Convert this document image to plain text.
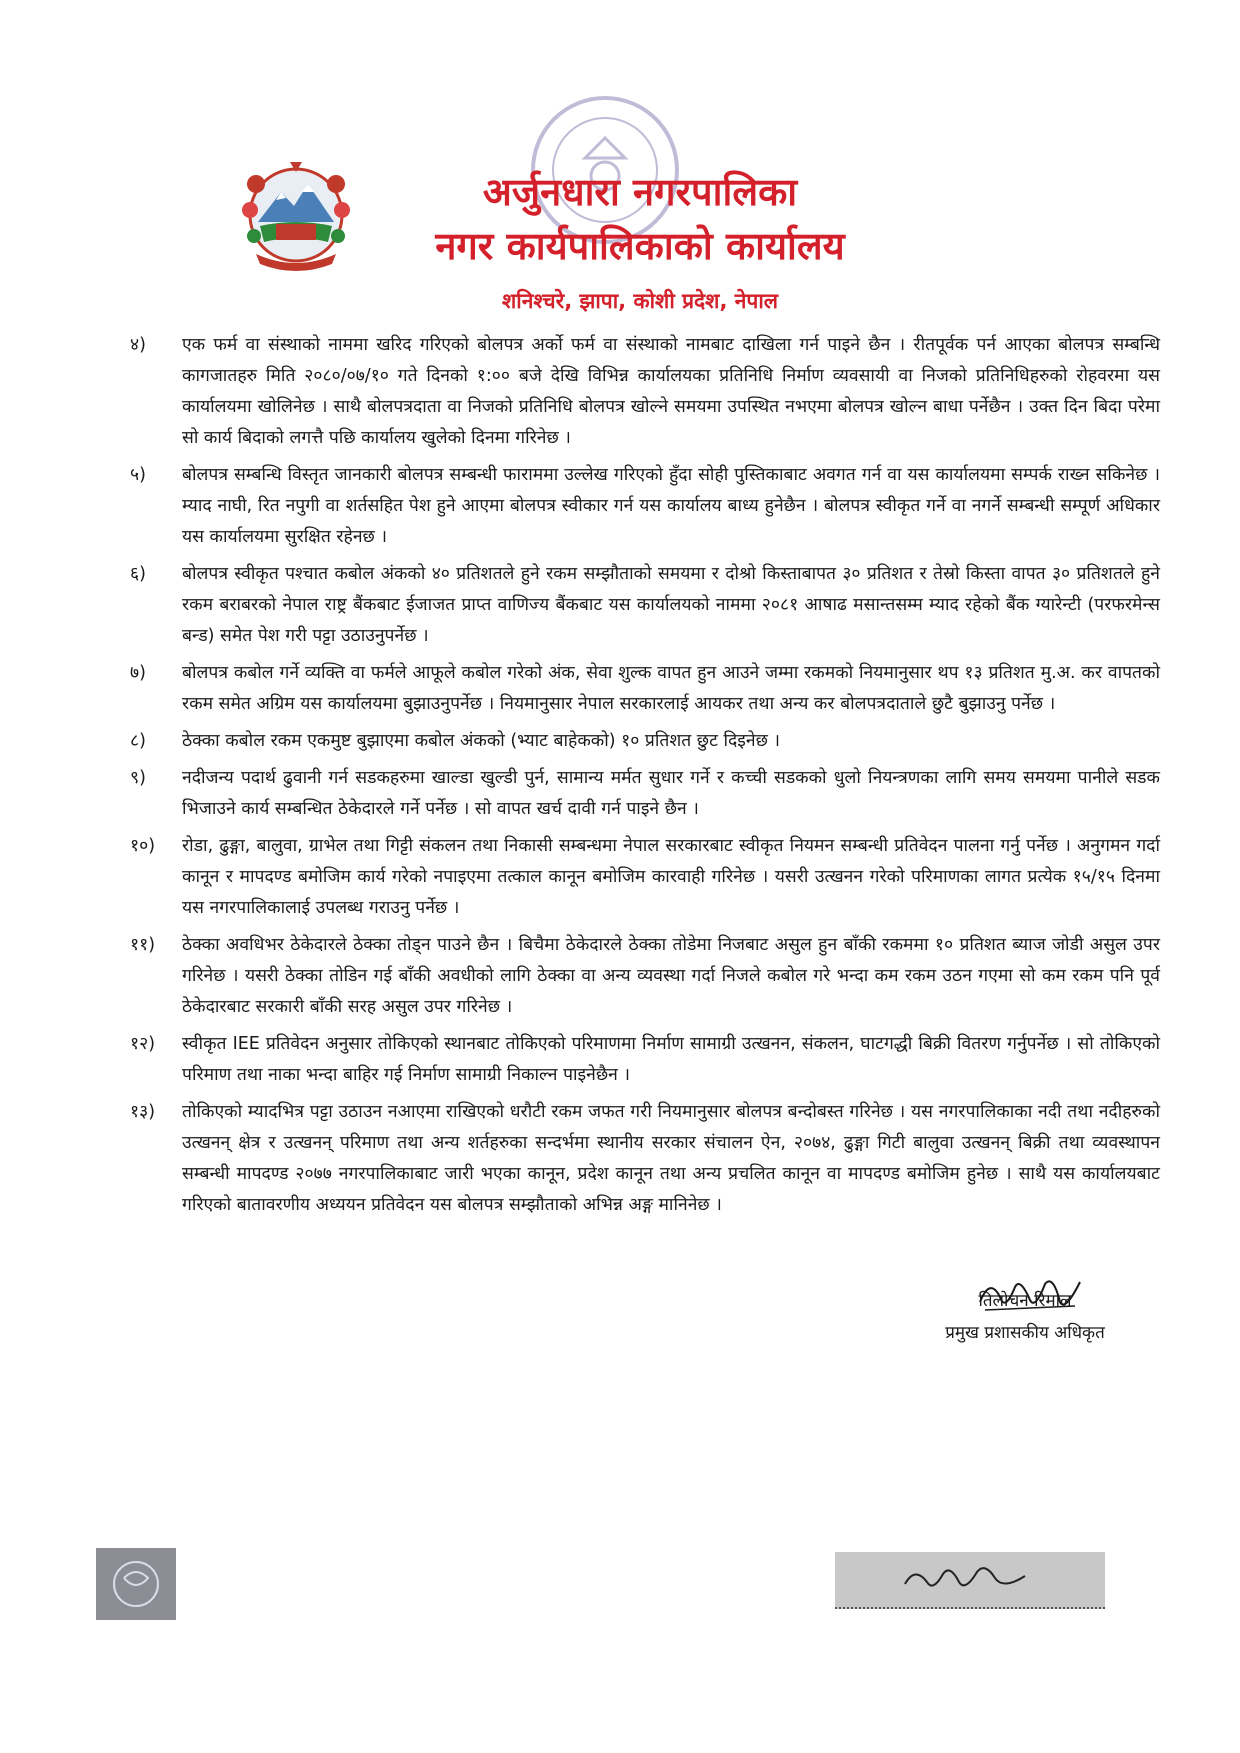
अर्जुनधारा नगरपालिका
नगर कार्यपालिकाको कार्यालय
शनिश्चरे, झापा, कोशी प्रदेश, नेपाल
४)	एक फर्म वा संस्थाको नाममा खरिद गरिएको बोलपत्र अर्को फर्म वा संस्थाको नामबाट दाखिला गर्न पाइने छैन । रीतपूर्वक पर्न आएका बोलपत्र सम्बन्धि कागजातहरु मिति २०८०/०७/१० गते दिनको १:०० बजे देखि विभिन्न कार्यालयका प्रतिनिधि निर्माण व्यवसायी वा निजको प्रतिनिधिहरुको रोहवरमा यस कार्यालयमा खोलिनेछ । साथै बोलपत्रदाता वा निजको प्रतिनिधि बोलपत्र खोल्ने समयमा उपस्थित नभएमा बोलपत्र खोल्न बाधा पर्नेछैन । उक्त दिन बिदा परेमा सो कार्य बिदाको लगत्तै पछि कार्यालय खुलेको दिनमा गरिनेछ ।
५)	बोलपत्र सम्बन्धि विस्तृत जानकारी बोलपत्र सम्बन्धी फाराममा उल्लेख गरिएको हुँदा सोही पुस्तिकाबाट अवगत गर्न वा यस कार्यालयमा सम्पर्क राख्न सकिनेछ । म्याद नाघी, रित नपुगी वा शर्तसहित पेश हुने आएमा बोलपत्र स्वीकार गर्न यस कार्यालय बाध्य हुनेछैन । बोलपत्र स्वीकृत गर्ने वा नगर्ने सम्बन्धी सम्पूर्ण अधिकार यस कार्यालयमा सुरक्षित रहेनछ ।
६)	बोलपत्र स्वीकृत पश्चात कबोल अंकको ४० प्रतिशतले हुने रकम सम्झौताको समयमा र दोश्रो किस्ताबापत ३० प्रतिशत र तेस्रो किस्ता वापत ३० प्रतिशतले हुने रकम बराबरको नेपाल राष्ट्र बैंकबाट ईजाजत प्राप्त वाणिज्य बैंकबाट यस कार्यालयको नाममा २०८१ आषाढ मसान्तसम्म म्याद रहेको बैंक ग्यारेन्टी (परफरमेन्स बन्ड) समेत पेश गरी पट्टा उठाउनुपर्नेछ ।
७)	बोलपत्र कबोल गर्ने व्यक्ति वा फर्मले आफूले कबोल गरेको अंक, सेवा शुल्क वापत हुन आउने जम्मा रकमको नियमानुसार थप १३ प्रतिशत मु.अ. कर वापतको रकम समेत अग्रिम यस कार्यालयमा बुझाउनुपर्नेछ । नियमानुसार नेपाल सरकारलाई आयकर तथा अन्य कर बोलपत्रदाताले छुटै बुझाउनु पर्नेछ ।
८)	ठेक्का कबोल रकम एकमुष्ट बुझाएमा कबोल अंकको (भ्याट बाहेकको) १० प्रतिशत छुट दिइनेछ ।
९)	नदीजन्य पदार्थ ढुवानी गर्न सडकहरुमा खाल्डा खुल्डी पुर्न, सामान्य मर्मत सुधार गर्ने र कच्ची सडकको धुलो नियन्त्रणका लागि समय समयमा पानीले सडक भिजाउने कार्य सम्बन्धित ठेकेदारले गर्ने पर्नेछ । सो वापत खर्च दावी गर्न पाइने छैन ।
१०)	रोडा, ढुङ्गा, बालुवा, ग्राभेल तथा गिट्टी संकलन तथा निकासी सम्बन्धमा नेपाल सरकारबाट स्वीकृत नियमन सम्बन्धी प्रतिवेदन पालना गर्नु पर्नेछ । अनुगमन गर्दा कानून र मापदण्ड बमोजिम कार्य गरेको नपाइएमा तत्काल कानून बमोजिम कारवाही गरिनेछ । यसरी उत्खनन गरेको परिमाणका लागत प्रत्येक १५/१५ दिनमा यस नगरपालिकालाई उपलब्ध गराउनु पर्नेछ ।
११)	ठेक्का अवधिभर ठेकेदारले ठेक्का तोड्न पाउने छैन । बिचैमा ठेकेदारले ठेक्का तोडेमा निजबाट असुल हुन बाँकी रकममा १० प्रतिशत ब्याज जोडी असुल उपर गरिनेछ । यसरी ठेक्का तोडिन गई बाँकी अवधीको लागि ठेक्का वा अन्य व्यवस्था गर्दा निजले कबोल गरे भन्दा कम रकम उठन गएमा सो कम रकम पनि पूर्व ठेकेदारबाट सरकारी बाँकी सरह असुल उपर गरिनेछ ।
१२)	स्वीकृत IEE प्रतिवेदन अनुसार तोकिएको स्थानबाट तोकिएको परिमाणमा निर्माण सामाग्री उत्खनन, संकलन, घाटगद्धी बिक्री वितरण गर्नुपर्नेछ । सो तोकिएको परिमाण तथा नाका भन्दा बाहिर गई निर्माण सामाग्री निकाल्न पाइनेछैन ।
१३)	तोकिएको म्यादभित्र पट्टा उठाउन नआएमा राखिएको धरौटी रकम जफत गरी नियमानुसार बोलपत्र बन्दोबस्त गरिनेछ । यस नगरपालिकाका नदी तथा नदीहरुको उत्खनन् क्षेत्र र उत्खनन् परिमाण तथा अन्य शर्तहरुका सन्दर्भमा स्थानीय सरकार संचालन ऐन, २०७४, ढुङ्गा गिटी बालुवा उत्खनन् बिक्री तथा व्यवस्थापन सम्बन्धी मापदण्ड २०७७ नगरपालिकाबाट जारी भएका कानून, प्रदेश कानून तथा अन्य प्रचलित कानून वा मापदण्ड बमोजिम हुनेछ । साथै यस कार्यालयबाट गरिएको बातावरणीय अध्ययन प्रतिवेदन यस बोलपत्र सम्झौताको अभिन्न अङ्ग मानिनेछ ।
तिलोचन रिमाल
प्रमुख प्रशासकीय अधिकृत
